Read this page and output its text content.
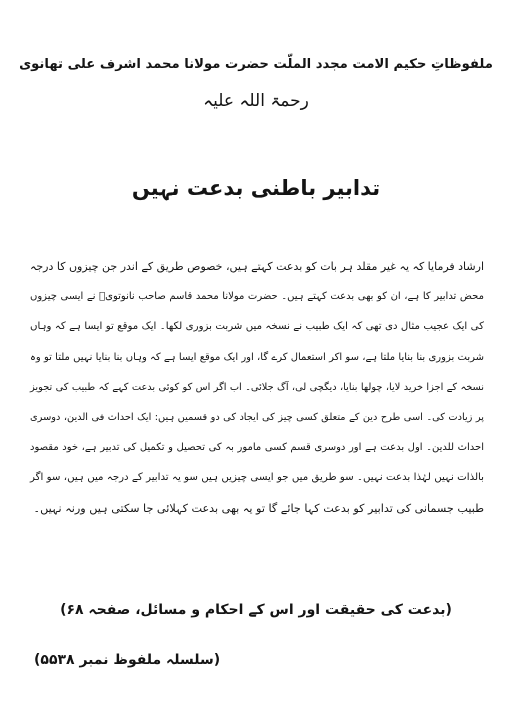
ملفوظاتِ حکیم الامت مجدد الملّت حضرت مولانا محمد اشرف علی تھانوی
رحمۃ اللہ علیہ
تدابیر باطنی بدعت نہیں
ارشاد فرمایا کہ یہ غیر مقلد ہر بات کو بدعت کہتے ہیں، خصوص طریق کے اندر جن چیزوں کا درجہ
محض تدابیر کا ہے، ان کو بھی بدعت کہتے ہیں۔ حضرت مولانا محمد قاسم صاحب نانوتویؒ نے ایسی چیزوں
کی ایک عجیب مثال دی تھی کہ ایک طبیب نے نسخہ میں شربت بزوری لکھا۔ ایک موقع تو ایسا ہے کہ وہاں
شربت بزوری بنا بنایا ملتا ہے، سو اکر استعمال کرے گا، اور ایک موقع ایسا ہے کہ وہاں بنا بنایا نہیں ملتا تو وہ
نسخہ کے اجزا خرید لایا، چولھا بنایا، دیگچی لی، آگ جلائی۔ اب اگر اس کو کوئی بدعت کہے کہ طبیب کی تجویز
پر زیادت کی۔ اسی طرح دین کے متعلق کسی چیز کی ایجاد کی دو قسمیں ہیں: ایک احداث فی الدین، دوسری
احداث للدین۔ اول بدعت ہے اور دوسری قسم کسی مامور بہ کی تحصیل و تکمیل کی تدبیر ہے، خود مقصود
بالذات نہیں لہٰذا بدعت نہیں۔ سو طریق میں جو ایسی چیزیں ہیں سو یہ تدابیر کے درجہ میں ہیں، سو اگر
طبیب جسمانی کی تدابیر کو بدعت کہا جائے گا تو یہ بھی بدعت کہلائی جا سکتی ہیں ورنہ نہیں۔
(بدعت کی حقیقت اور اس کے احکام و مسائل، صفحہ ۶۸)
(سلسلہ ملفوظ نمبر ۵۵۳۸)
